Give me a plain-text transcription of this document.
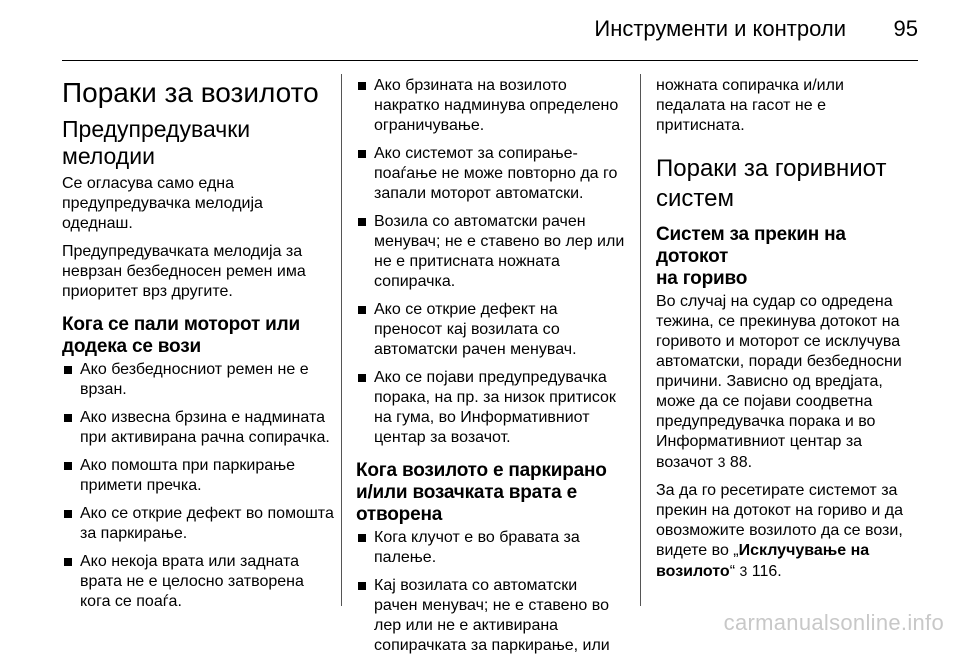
Инструменти и контроли 95
Пораки за возилото
Предупредувачки
мелодии

Се огласува само една
предупредувачка мелодија
одеднаш.

Предупредувачката мелодија за
неврзан безбедносен ремен има
приоритет врз другите.

Кога се пали моторот или
додека се вози
Ако безбедносниот ремен не е
врзан.
Ако извесна брзина е надмината
при активирана рачна сопирачка.
Ако помошта при паркирање
примети пречка.
Ако се открие дефект во помошта
за паркирање.
Ако некоја врата или задната
врата не е целосно затворена
кога се поаѓа.
Ако брзината на возилото
накратко надминува определено
ограничување.
Ако системот за сопирање-
поаѓање не може повторно да го
запали моторот автоматски.
Возила со автоматски рачен
менувач; не е ставено во лер или
не е притисната ножната
сопирачка.
Ако се открие дефект на
преносот кај возилата со
автоматски рачен менувач.
Ако се појави предупредувачка
порака, на пр. за низок притисок
на гума, во Информативниот
центар за возачот.
Кога возилото е паркирано
и/или возачката врата е
отворена
Кога клучот е во бравата за
палење.
Кај возилата со автоматски
рачен менувач; не е ставено во
лер или не е активирана
сопирачката за паркирање, или

ножната сопирачка и/или
педалата на гасот не е
притисната.

Пораки за горивниот
систем
Систем за прекин на дотокот
на гориво

Во случај на судар со одредена
тежина, се прекинува дотокот на
горивото и моторот се исклучува
автоматски, поради безбедносни
причини. Зависно од вредјата,
може да се појави соодветна
предупредувачка порака и во
Информативниот центар за
возачот 3 88.

За да го ресетирате системот за
прекин на дотокот на гориво и да
овозможите возилото да се вози,
видете во „Исклучување на
возилото“ 3 116.

carmanualsonline.info
